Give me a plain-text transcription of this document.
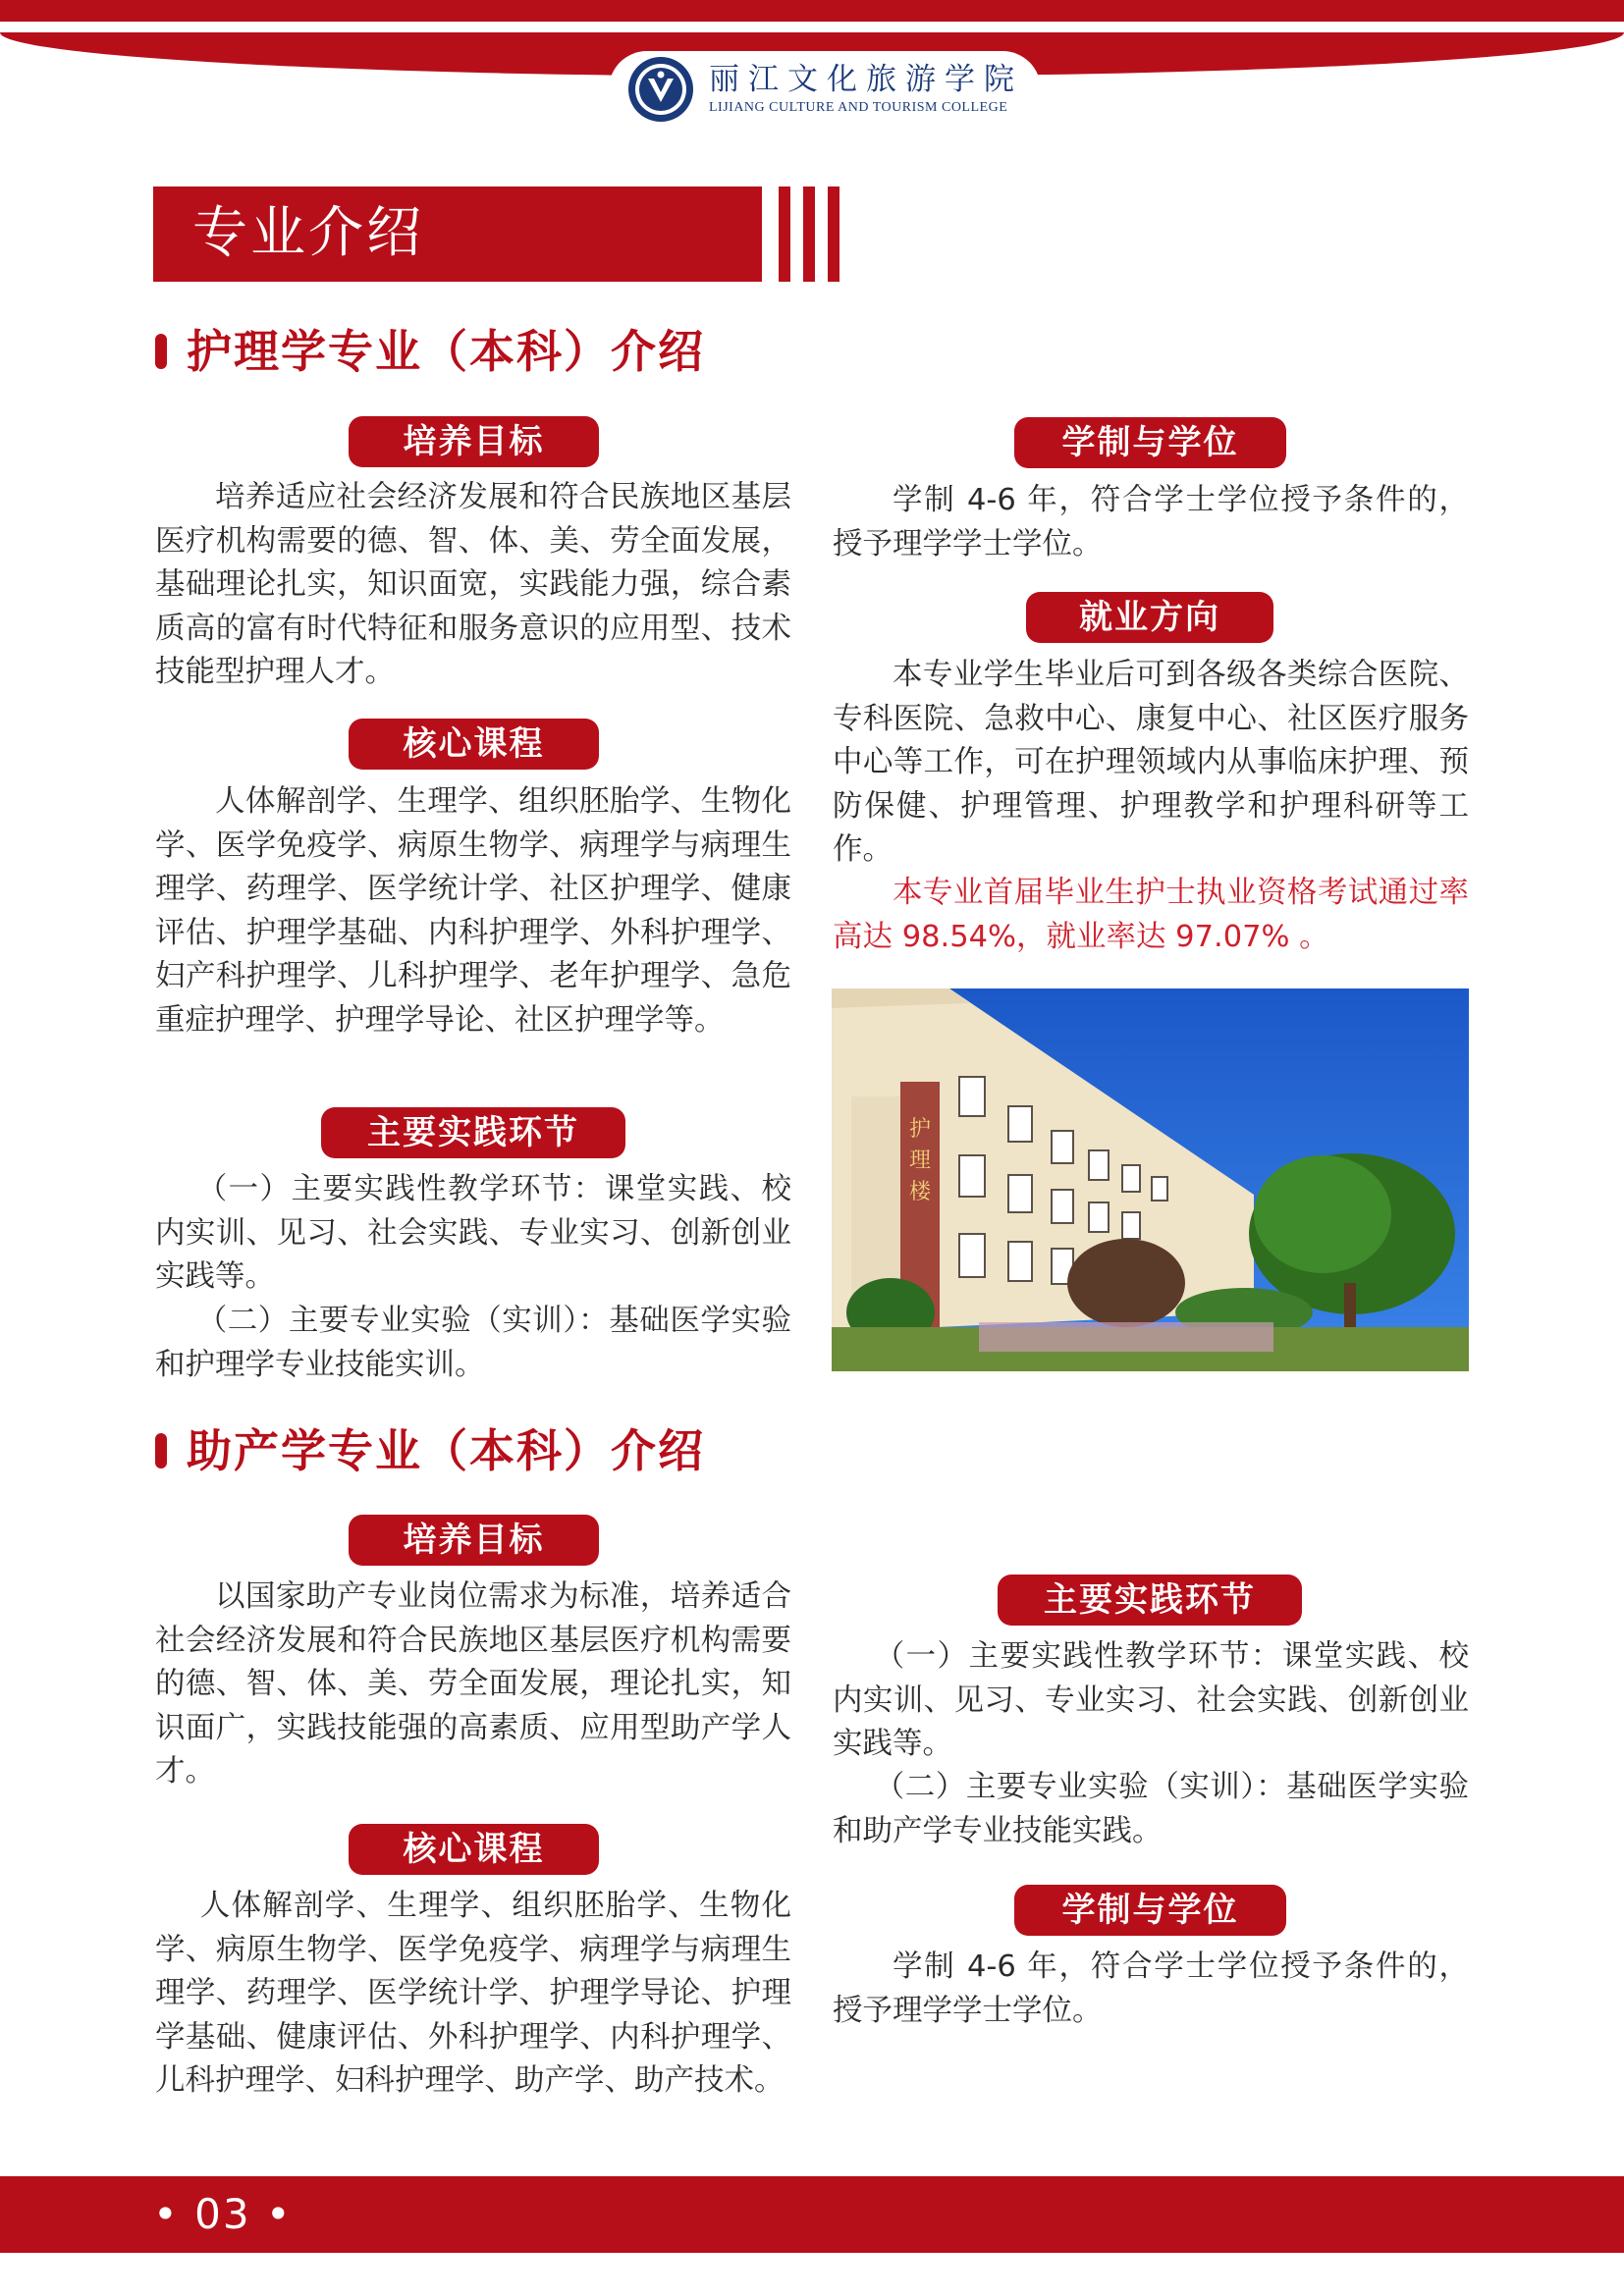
丽江文化旅游学院
LIJIANG CULTURE AND TOURISM COLLEGE
专业介绍
护理学专业（本科）介绍
培养目标
培养适应社会经济发展和符合民族地区基层医疗机构需要的德、智、体、美、劳全面发展，基础理论扎实，知识面宽，实践能力强，综合素质高的富有时代特征和服务意识的应用型、技术技能型护理人才。
核心课程
人体解剖学、生理学、组织胚胎学、生物化学、医学免疫学、病原生物学、病理学与病理生理学、药理学、医学统计学、社区护理学、健康评估、护理学基础、内科护理学、外科护理学、妇产科护理学、儿科护理学、老年护理学、急危重症护理学、护理学导论、社区护理学等。
主要实践环节
（一）主要实践性教学环节：课堂实践、校内实训、见习、社会实践、专业实习、创新创业实践等。
（二）主要专业实验（实训）：基础医学实验和护理学专业技能实训。
学制与学位
学制 4-6 年，符合学士学位授予条件的，授予理学学士学位。
就业方向
本专业学生毕业后可到各级各类综合医院、专科医院、急救中心、康复中心、社区医疗服务中心等工作，可在护理领域内从事临床护理、预防保健、护理管理、护理教学和护理科研等工作。
本专业首届毕业生护士执业资格考试通过率高达 98.54%，就业率达 97.07% 。
护
理
楼
助产学专业（本科）介绍
培养目标
以国家助产专业岗位需求为标准，培养适合社会经济发展和符合民族地区基层医疗机构需要的德、智、体、美、劳全面发展，理论扎实，知识面广，实践技能强的高素质、应用型助产学人才。
核心课程
人体解剖学、生理学、组织胚胎学、生物化学、病原生物学、医学免疫学、病理学与病理生理学、药理学、医学统计学、护理学导论、护理学基础、健康评估、外科护理学、内科护理学、儿科护理学、妇科护理学、助产学、助产技术。
主要实践环节
（一）主要实践性教学环节：课堂实践、校内实训、见习、专业实习、社会实践、创新创业实践等。
（二）主要专业实验（实训）：基础医学实验和助产学专业技能实践。
学制与学位
学制 4-6 年，符合学士学位授予条件的，授予理学学士学位。
• 03 •
